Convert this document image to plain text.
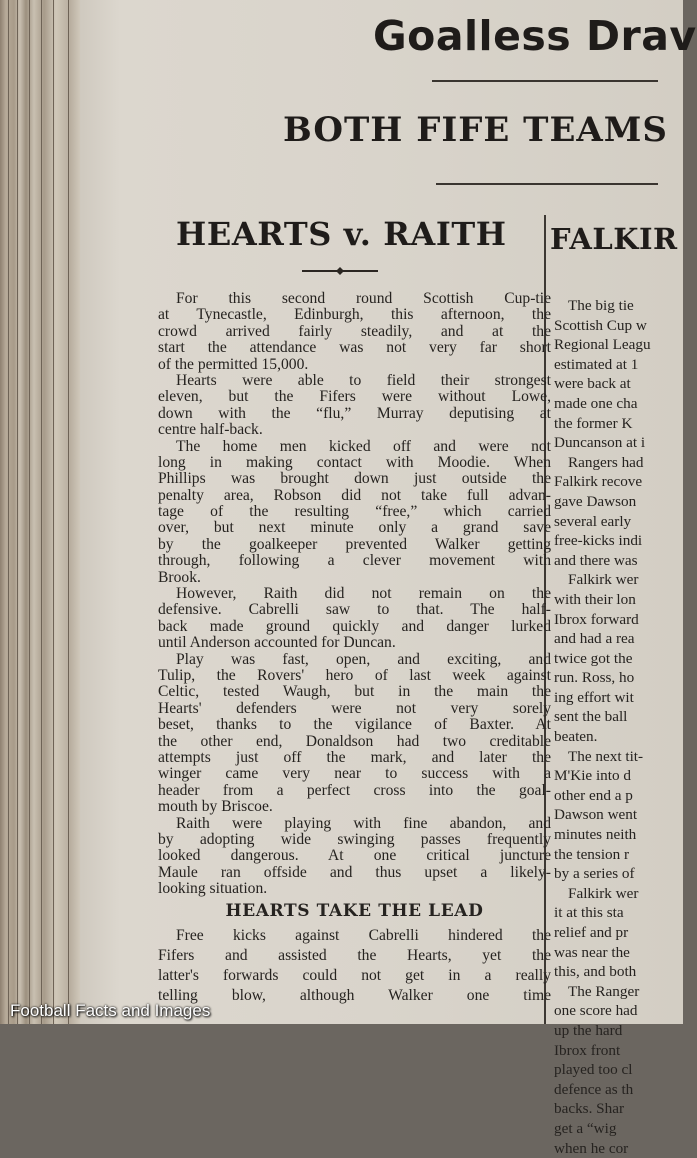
Goalless Drav
BOTH FIFE TEAMS
HEARTS v. RAITH FALKIR
For this second round Scottish Cup-tie
at Tynecastle, Edinburgh, this afternoon, the
crowd arrived fairly steadily, and at the
start the attendance was not very far short
of the permitted 15,000.
Hearts were able to field their strongest
eleven, but the Fifers were without Lowe,
down with the “flu,” Murray deputising at
centre half-back.
The home men kicked off and were not
long in making contact with Moodie. When
Phillips was brought down just outside the
penalty area, Robson did not take full advan-
tage of the resulting “free,” which carried
over, but next minute only a grand save
by the goalkeeper prevented Walker getting
through, following a clever movement with
Brook.
However, Raith did not remain on the
defensive. Cabrelli saw to that. The half-
back made ground quickly and danger lurked
until Anderson accounted for Duncan.
Play was fast, open, and exciting, and
Tulip, the Rovers' hero of last week against
Celtic, tested Waugh, but in the main the
Hearts' defenders were not very sorely
beset, thanks to the vigilance of Baxter. At
the other end, Donaldson had two creditable
attempts just off the mark, and later the
winger came very near to success with a
header from a perfect cross into the goal-
mouth by Briscoe.
Raith were playing with fine abandon, and
by adopting wide swinging passes frequently
looked dangerous. At one critical juncture
Maule ran offside and thus upset a likely-
looking situation.
HEARTS TAKE THE LEAD
Free kicks against Cabrelli hindered the
Fifers and assisted the Hearts, yet the
latter's forwards could not get in a really
telling blow, although Walker one time
The big tie
Scottish Cup w
Regional Leagu
estimated at 1
were back at
made one cha
the former K
Duncanson at i
Rangers had
Falkirk recove
gave Dawson
several early
free-kicks indi
and there was
Falkirk wer
with their lon
Ibrox forward
and had a rea
twice got the
run. Ross, ho
ing effort wit
sent the ball
beaten.
The next tit-
M'Kie into d
other end a p
Dawson went
minutes neith
the tension r
by a series of
Falkirk wer
it at this sta
relief and pr
was near the
this, and both
The Ranger
one score had
up the hard
Ibrox front
played too cl
defence as th
backs. Shar
get a “wig
when he cor
Football Facts and Images
